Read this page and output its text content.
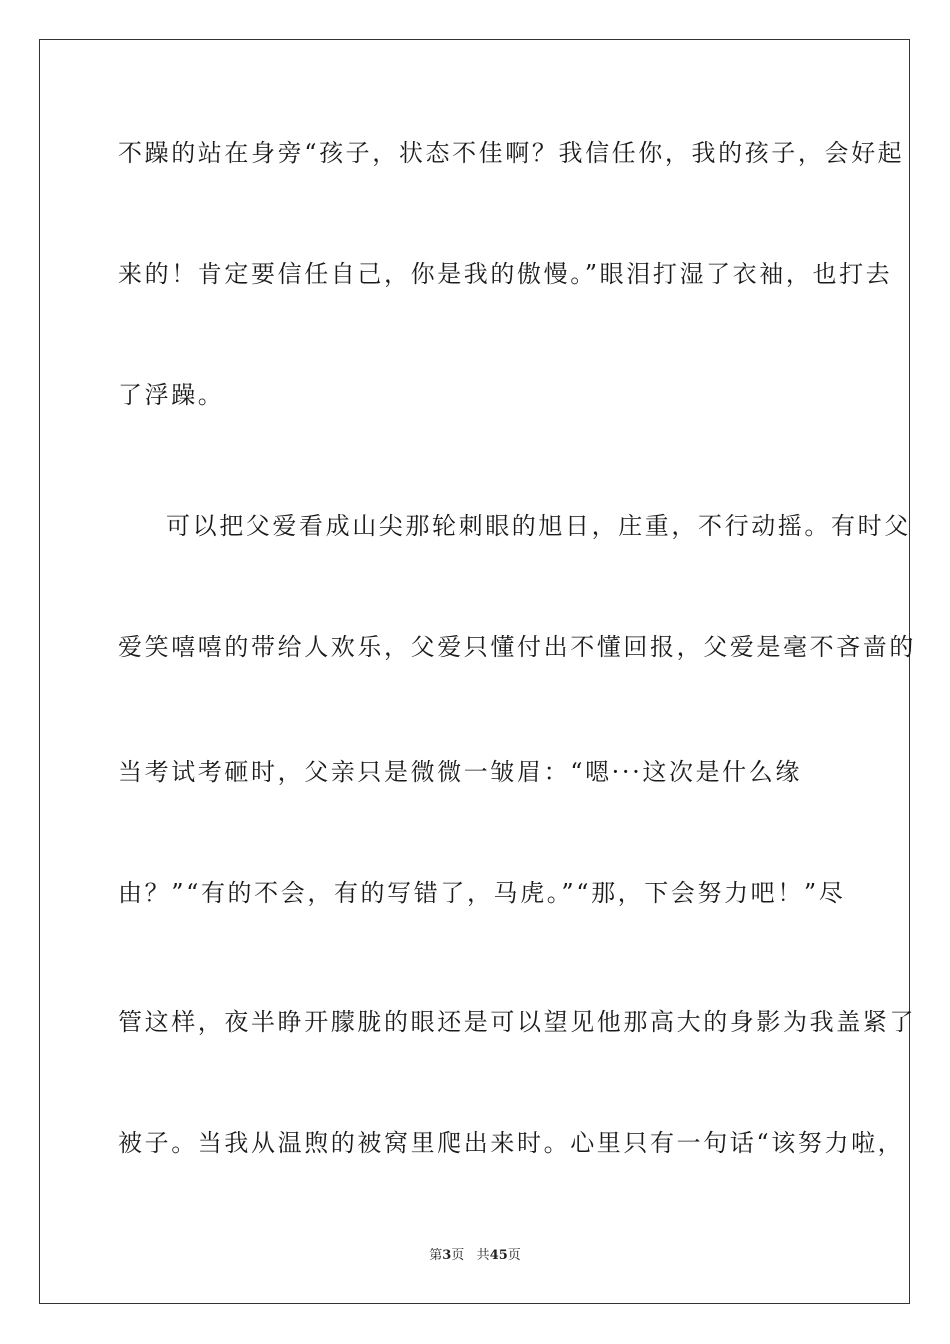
不躁的站在身旁“孩子，状态不佳啊？我信任你，我的孩子，会好起
来的！肯定要信任自己，你是我的傲慢。”眼泪打湿了衣袖，也打去
了浮躁。
可以把父爱看成山尖那轮刺眼的旭日，庄重，不行动摇。有时父
爱笑嘻嘻的带给人欢乐，父爱只懂付出不懂回报，父爱是毫不吝啬的
当考试考砸时，父亲只是微微一皱眉：“嗯···这次是什么缘
由？”“有的不会，有的写错了，马虎。”“那，下会努力吧！”尽
管这样，夜半睁开朦胧的眼还是可以望见他那高大的身影为我盖紧了
被子。当我从温煦的被窝里爬出来时。心里只有一句话“该努力啦，
第3页 共45页
